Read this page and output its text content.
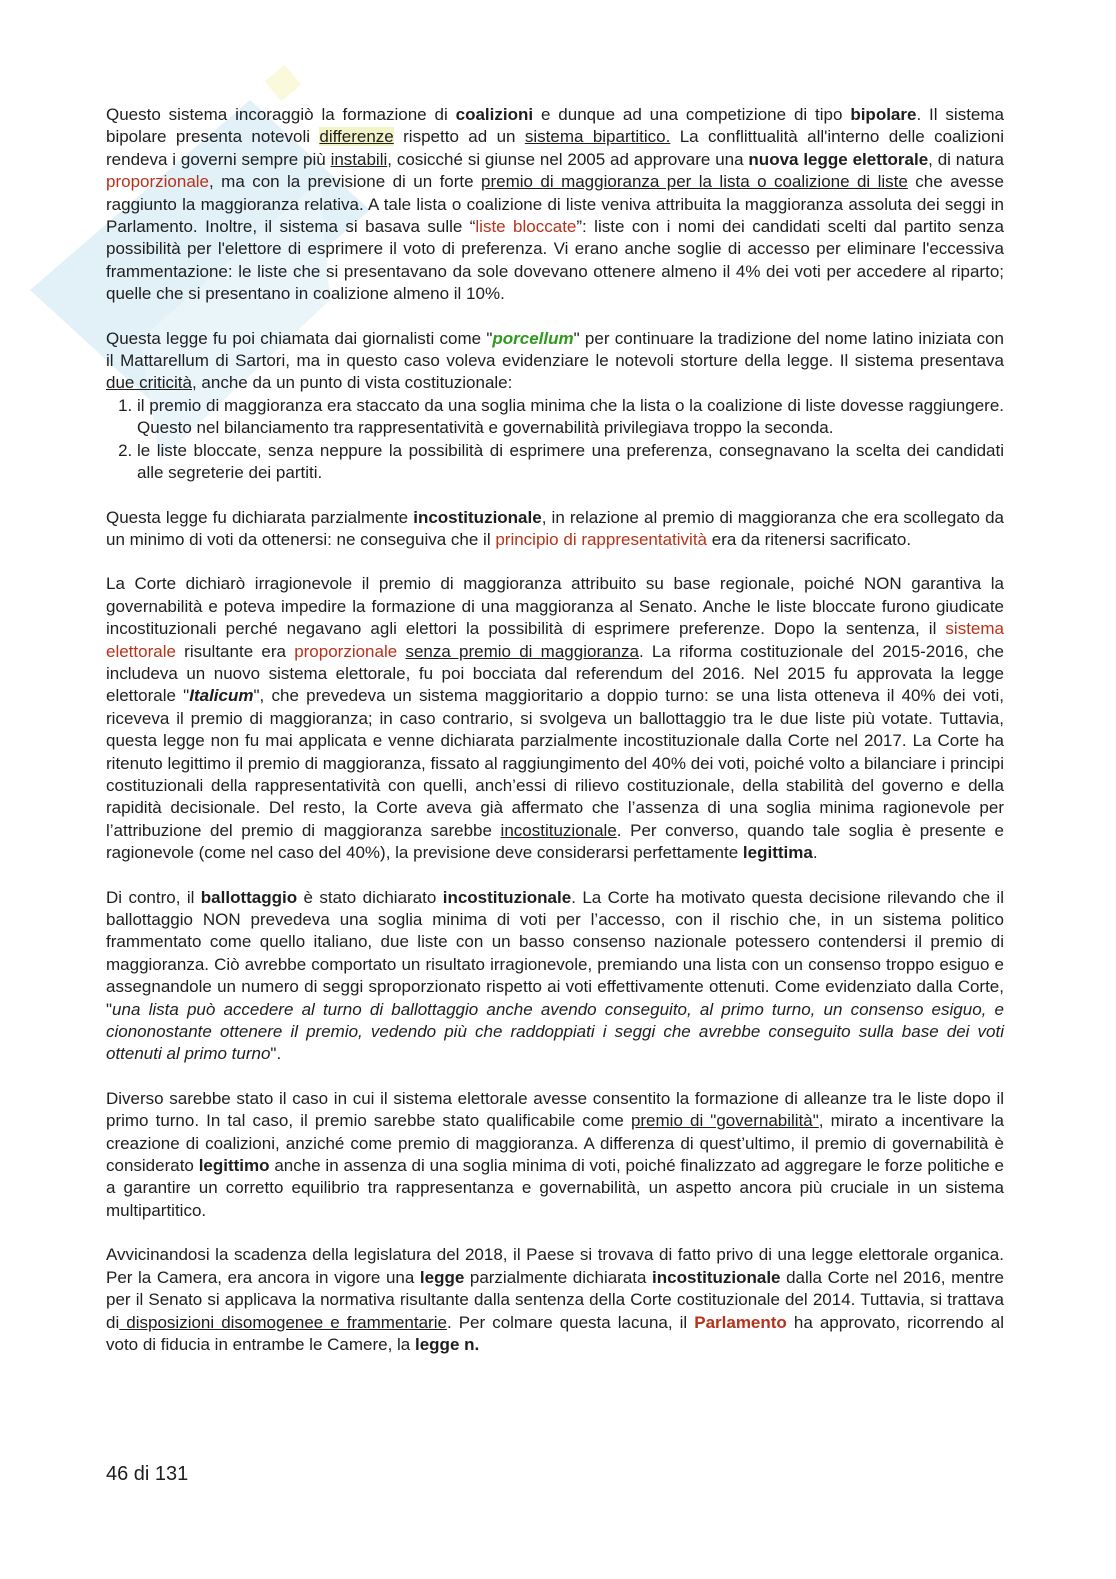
Questo sistema incoraggiò la formazione di coalizioni e dunque ad una competizione di tipo bipolare. Il sistema bipolare presenta notevoli differenze rispetto ad un sistema bipartitico. La conflittualità all'interno delle coalizioni rendeva i governi sempre più instabili, cosicché si giunse nel 2005 ad approvare una nuova legge elettorale, di natura proporzionale, ma con la previsione di un forte premio di maggioranza per la lista o coalizione di liste che avesse raggiunto la maggioranza relativa. A tale lista o coalizione di liste veniva attribuita la maggioranza assoluta dei seggi in Parlamento. Inoltre, il sistema si basava sulle “liste bloccate”: liste con i nomi dei candidati scelti dal partito senza possibilità per l'elettore di esprimere il voto di preferenza. Vi erano anche soglie di accesso per eliminare l'eccessiva frammentazione: le liste che si presentavano da sole dovevano ottenere almeno il 4% dei voti per accedere al riparto; quelle che si presentano in coalizione almeno il 10%.

Questa legge fu poi chiamata dai giornalisti come "porcellum" per continuare la tradizione del nome latino iniziata con il Mattarellum di Sartori, ma in questo caso voleva evidenziare le notevoli storture della legge. Il sistema presentava due criticità, anche da un punto di vista costituzionale:

1. il premio di maggioranza era staccato da una soglia minima che la lista o la coalizione di liste dovesse raggiungere. Questo nel bilanciamento tra rappresentatività e governabilità privilegiava troppo la seconda.
2. le liste bloccate, senza neppure la possibilità di esprimere una preferenza, consegnavano la scelta dei candidati alle segreterie dei partiti.

Questa legge fu dichiarata parzialmente incostituzionale, in relazione al premio di maggioranza che era scollegato da un minimo di voti da ottenersi: ne conseguiva che il principio di rappresentatività era da ritenersi sacrificato.

La Corte dichiarò irragionevole il premio di maggioranza attribuito su base regionale, poiché NON garantiva la governabilità e poteva impedire la formazione di una maggioranza al Senato. Anche le liste bloccate furono giudicate incostituzionali perché negavano agli elettori la possibilità di esprimere preferenze. Dopo la sentenza, il sistema elettorale risultante era proporzionale senza premio di maggioranza. La riforma costituzionale del 2015-2016, che includeva un nuovo sistema elettorale, fu poi bocciata dal referendum del 2016. Nel 2015 fu approvata la legge elettorale "Italicum", che prevedeva un sistema maggioritario a doppio turno: se una lista otteneva il 40% dei voti, riceveva il premio di maggioranza; in caso contrario, si svolgeva un ballottaggio tra le due liste più votate. Tuttavia, questa legge non fu mai applicata e venne dichiarata parzialmente incostituzionale dalla Corte nel 2017. La Corte ha ritenuto legittimo il premio di maggioranza, fissato al raggiungimento del 40% dei voti, poiché volto a bilanciare i principi costituzionali della rappresentatività con quelli, anch’essi di rilievo costituzionale, della stabilità del governo e della rapidità decisionale. Del resto, la Corte aveva già affermato che l’assenza di una soglia minima ragionevole per l’attribuzione del premio di maggioranza sarebbe incostituzionale. Per converso, quando tale soglia è presente e ragionevole (come nel caso del 40%), la previsione deve considerarsi perfettamente legittima.

Di contro, il ballottaggio è stato dichiarato incostituzionale. La Corte ha motivato questa decisione rilevando che il ballottaggio NON prevedeva una soglia minima di voti per l’accesso, con il rischio che, in un sistema politico frammentato come quello italiano, due liste con un basso consenso nazionale potessero contendersi il premio di maggioranza. Ciò avrebbe comportato un risultato irragionevole, premiando una lista con un consenso troppo esiguo e assegnandole un numero di seggi sproporzionato rispetto ai voti effettivamente ottenuti. Come evidenziato dalla Corte, "una lista può accedere al turno di ballottaggio anche avendo conseguito, al primo turno, un consenso esiguo, e ciononostante ottenere il premio, vedendo più che raddoppiati i seggi che avrebbe conseguito sulla base dei voti ottenuti al primo turno".

Diverso sarebbe stato il caso in cui il sistema elettorale avesse consentito la formazione di alleanze tra le liste dopo il primo turno. In tal caso, il premio sarebbe stato qualificabile come premio di "governabilità", mirato a incentivare la creazione di coalizioni, anziché come premio di maggioranza. A differenza di quest’ultimo, il premio di governabilità è considerato legittimo anche in assenza di una soglia minima di voti, poiché finalizzato ad aggregare le forze politiche e a garantire un corretto equilibrio tra rappresentanza e governabilità, un aspetto ancora più cruciale in un sistema multipartitico.

Avvicinandosi la scadenza della legislatura del 2018, il Paese si trovava di fatto privo di una legge elettorale organica. Per la Camera, era ancora in vigore una legge parzialmente dichiarata incostituzionale dalla Corte nel 2016, mentre per il Senato si applicava la normativa risultante dalla sentenza della Corte costituzionale del 2014. Tuttavia, si trattava di disposizioni disomogenee e frammentarie. Per colmare questa lacuna, il Parlamento ha approvato, ricorrendo al voto di fiducia in entrambe le Camere, la legge n.

46 di 131
